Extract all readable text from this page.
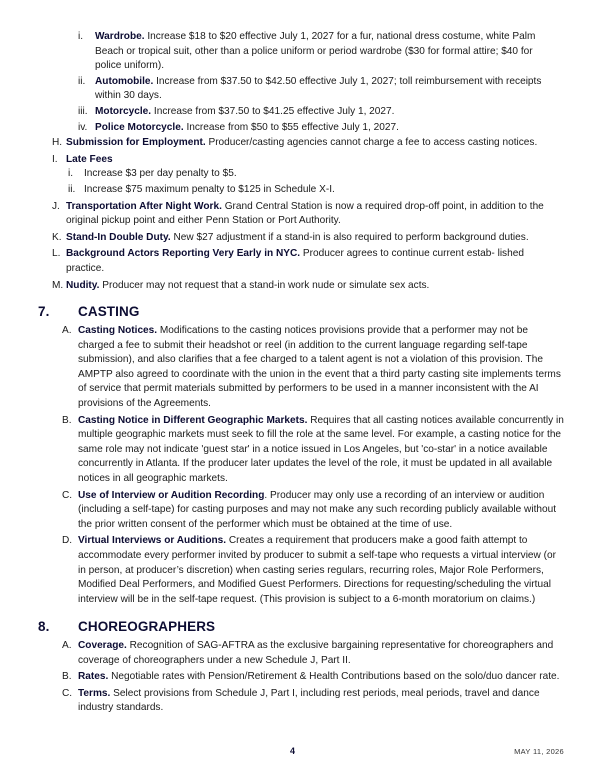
i. Wardrobe. Increase $18 to $20 effective July 1, 2027 for a fur, national dress costume, white Palm Beach or tropical suit, other than a police uniform or period wardrobe ($30 for formal attire; $40 for police uniform).
ii. Automobile. Increase from $37.50 to $42.50 effective July 1, 2027; toll reimbursement with receipts within 30 days.
iii. Motorcycle. Increase from $37.50 to $41.25 effective July 1, 2027.
iv. Police Motorcycle. Increase from $50 to $55 effective July 1, 2027.
H. Submission for Employment. Producer/casting agencies cannot charge a fee to access casting notices.
I. Late Fees
i. Increase $3 per day penalty to $5.
ii. Increase $75 maximum penalty to $125 in Schedule X-I.
J. Transportation After Night Work. Grand Central Station is now a required drop-off point, in addition to the original pickup point and either Penn Station or Port Authority.
K. Stand-In Double Duty. New $27 adjustment if a stand-in is also required to perform background duties.
L. Background Actors Reporting Very Early in NYC. Producer agrees to continue current estab- lished practice.
M. Nudity. Producer may not request that a stand-in work nude or simulate sex acts.
7. CASTING
A. Casting Notices. Modifications to the casting notices provisions provide that a performer may not be charged a fee to submit their headshot or reel (in addition to the current language regarding self-tape submission), and also clarifies that a fee charged to a talent agent is not a violation of this provision. The AMPTP also agreed to coordinate with the union in the event that a third party casting site implements terms of service that permit materials submitted by performers to be used in a manner inconsistent with the AI provisions of the Agreements.
B. Casting Notice in Different Geographic Markets. Requires that all casting notices available concurrently in multiple geographic markets must seek to fill the role at the same level. For example, a casting notice for the same role may not indicate 'guest star' in a notice issued in Los Angeles, but 'co-star' in a notice available concurrently in Atlanta. If the producer later updates the level of the role, it must be updated in all available notices in all geographic markets.
C. Use of Interview or Audition Recording. Producer may only use a recording of an interview or audition (including a self-tape) for casting purposes and may not make any such recording publicly available without the prior written consent of the performer which must be obtained at the time of use.
D. Virtual Interviews or Auditions. Creates a requirement that producers make a good faith attempt to accommodate every performer invited by producer to submit a self-tape who requests a virtual interview (or in person, at producer’s discretion) when casting series regulars, recurring roles, Major Role Performers, Modified Deal Performers, and Modified Guest Performers. Directions for requesting/scheduling the virtual interview will be in the self-tape request. (This provision is subject to a 6-month moratorium on claims.)
8. CHOREOGRAPHERS
A. Coverage. Recognition of SAG-AFTRA as the exclusive bargaining representative for choreographers and coverage of choreographers under a new Schedule J, Part II.
B. Rates. Negotiable rates with Pension/Retirement & Health Contributions based on the solo/duo dancer rate.
C. Terms. Select provisions from Schedule J, Part I, including rest periods, meal periods, travel and dance industry standards.
4	MAY 11, 2026
